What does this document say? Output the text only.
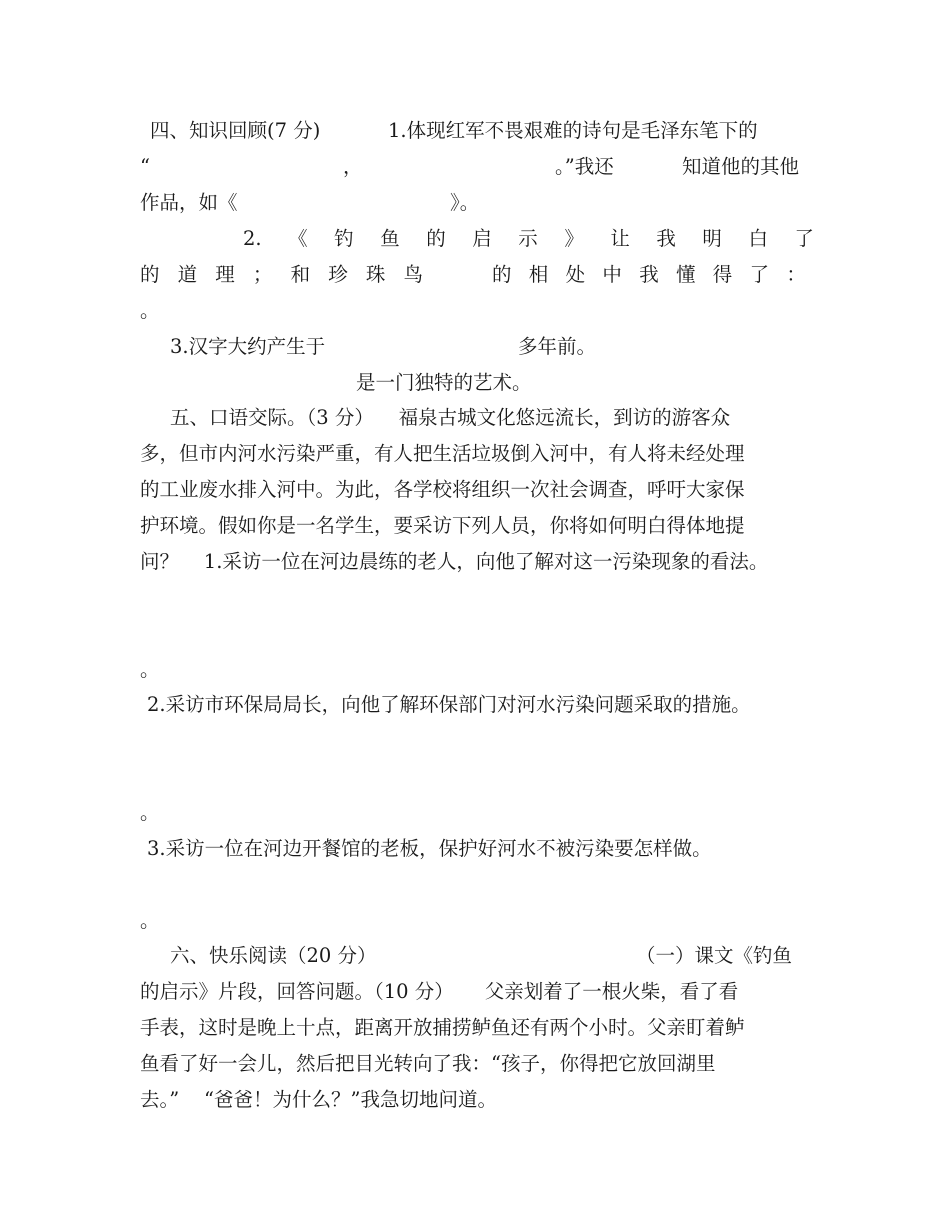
四、知识回顾(7 分)	1.体现红军不畏艰难的诗句是毛泽东笔下的
“	，	。”我还	知道他的其他
作品，如《	》。
2. 《 钓 鱼 的 启 示 》 让 我 明 白 了
的 道 理 ； 和 珍 珠 鸟	的 相 处 中 我 懂 得 了 ：
。
3.汉字大约产生于	多年前。
是一门独特的艺术。
五、口语交际。（3 分）    福泉古城文化悠远流长，到访的游客众
多，但市内河水污染严重，有人把生活垃圾倒入河中，有人将未经处理
的工业废水排入河中。为此，各学校将组织一次社会调查，呼吁大家保
护环境。假如你是一名学生，要采访下列人员，你将如何明白得体地提
问？    1.采访一位在河边晨练的老人，向他了解对这一污染现象的看法。
。
2.采访市环保局局长，向他了解环保部门对河水污染问题采取的措施。
。
3.采访一位在河边开餐馆的老板，保护好河水不被污染要怎样做。
。
六、快乐阅读（20 分）	（一）课文《钓鱼
的启示》片段，回答问题。（10 分）     父亲划着了一根火柴，看了看
手表，这时是晚上十点，距离开放捕捞鲈鱼还有两个小时。父亲盯着鲈
鱼看了好一会儿，然后把目光转向了我：“孩子，你得把它放回湖里
去。”    “爸爸！为什么？”我急切地问道。
